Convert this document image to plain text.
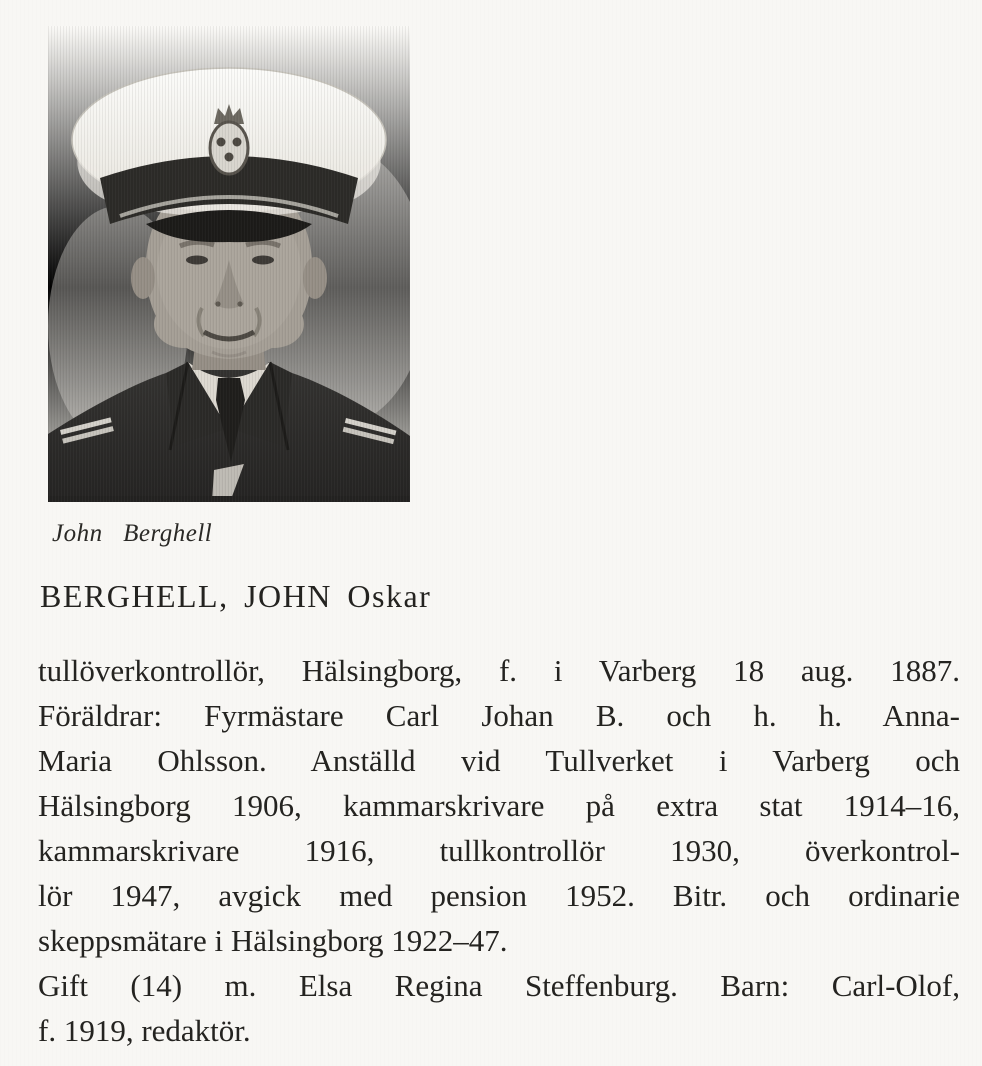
John Berghell
BERGHELL, JOHN Oskar
tullöverkontrollör, Hälsingborg, f. i Varberg 18 aug. 1887.
Föräldrar: Fyrmästare Carl Johan B. och h. h. Anna-
Maria Ohlsson. Anställd vid Tullverket i Varberg och
Hälsingborg 1906, kammarskrivare på extra stat 1914–16,
kammarskrivare 1916, tullkontrollör 1930, överkontrol-
lör 1947, avgick med pension 1952. Bitr. och ordinarie
skeppsmätare i Hälsingborg 1922–47.
Gift (14) m. Elsa Regina Steffenburg. Barn: Carl-Olof,
f. 1919, redaktör.
